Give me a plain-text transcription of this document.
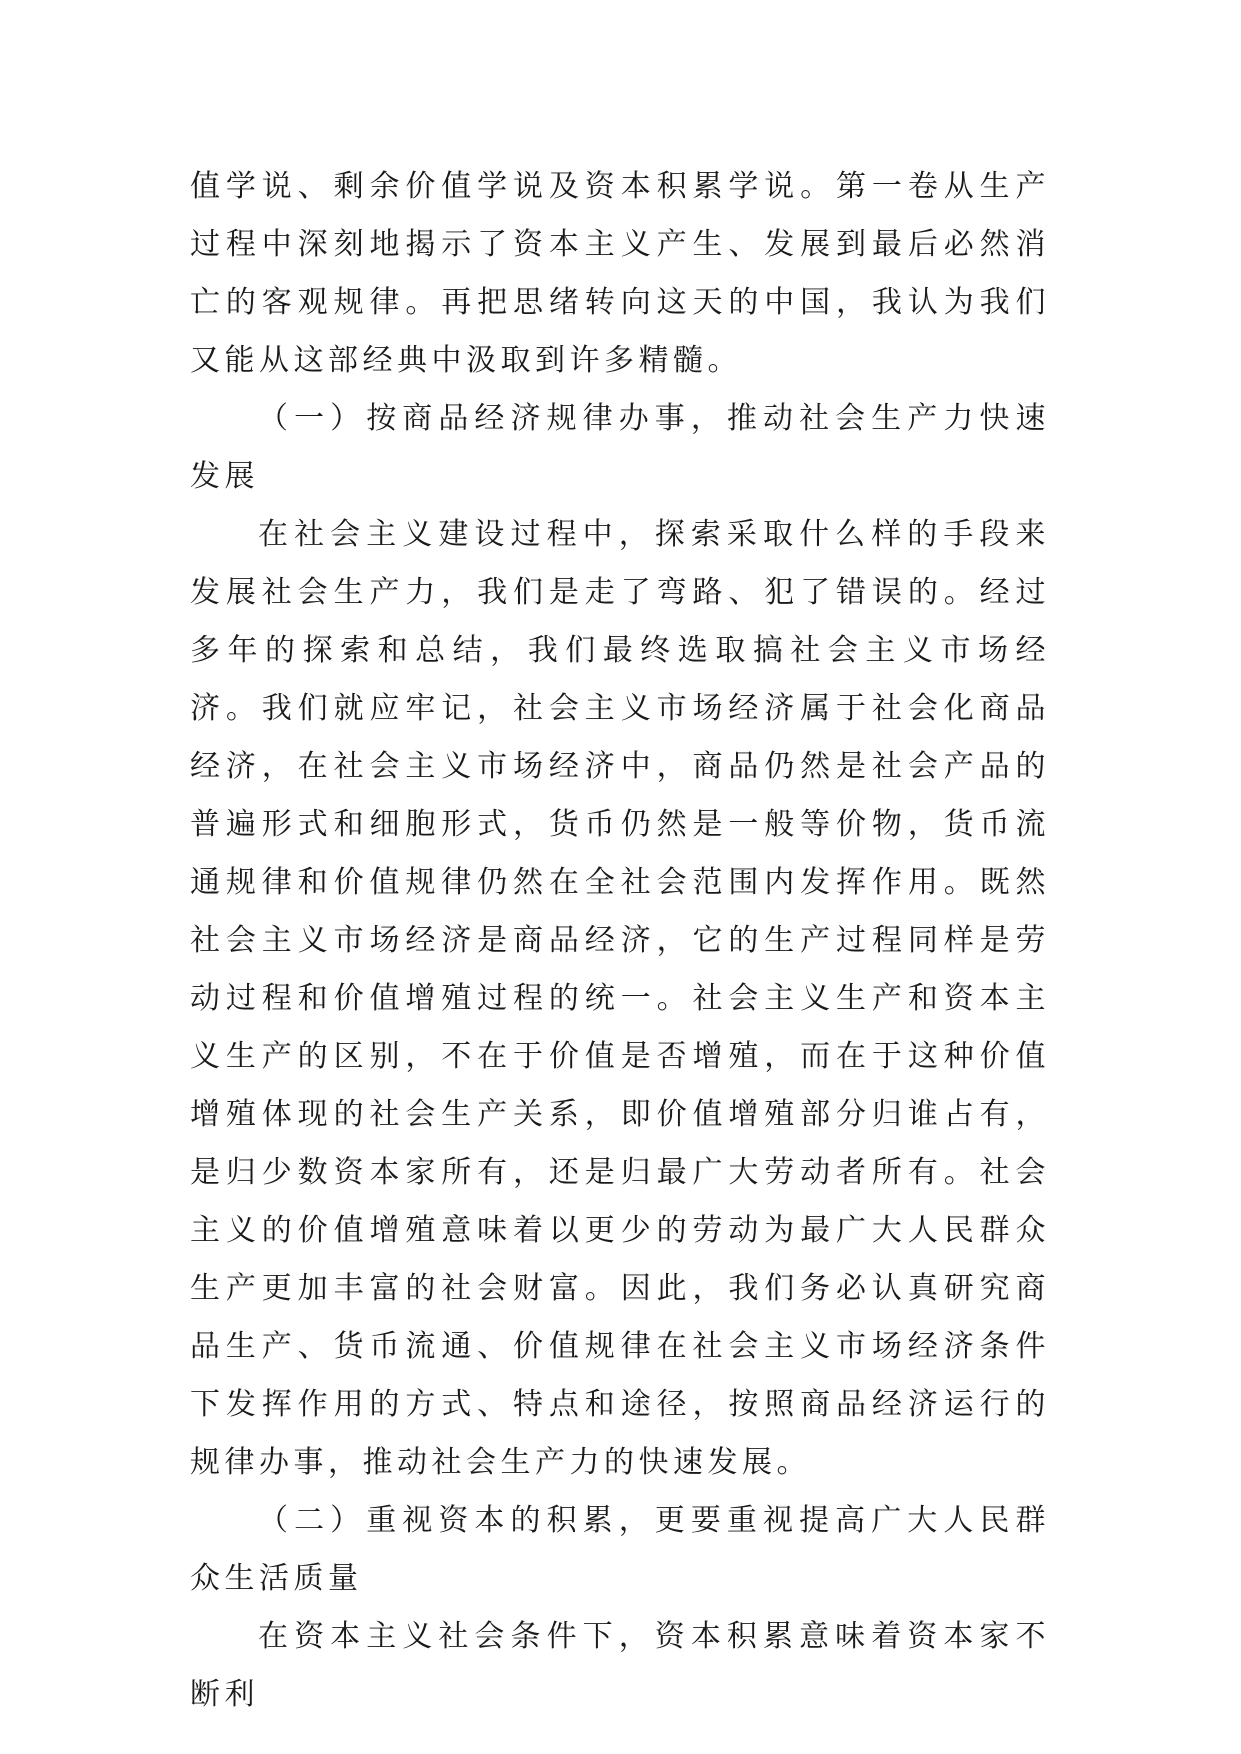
值学说、剩余价值学说及资本积累学说。第一卷从生产过程中深刻地揭示了资本主义产生、发展到最后必然消亡的客观规律。再把思绪转向这天的中国，我认为我们又能从这部经典中汲取到许多精髓。

（一）按商品经济规律办事，推动社会生产力快速发展

在社会主义建设过程中，探索采取什么样的手段来发展社会生产力，我们是走了弯路、犯了错误的。经过多年的探索和总结，我们最终选取搞社会主义市场经济。我们就应牢记，社会主义市场经济属于社会化商品经济，在社会主义市场经济中，商品仍然是社会产品的普遍形式和细胞形式，货币仍然是一般等价物，货币流通规律和价值规律仍然在全社会范围内发挥作用。既然社会主义市场经济是商品经济，它的生产过程同样是劳动过程和价值增殖过程的统一。社会主义生产和资本主义生产的区别，不在于价值是否增殖，而在于这种价值增殖体现的社会生产关系，即价值增殖部分归谁占有，是归少数资本家所有，还是归最广大劳动者所有。社会主义的价值增殖意味着以更少的劳动为最广大人民群众生产更加丰富的社会财富。因此，我们务必认真研究商品生产、货币流通、价值规律在社会主义市场经济条件下发挥作用的方式、特点和途径，按照商品经济运行的规律办事，推动社会生产力的快速发展。

（二）重视资本的积累，更要重视提高广大人民群众生活质量

在资本主义社会条件下，资本积累意味着资本家不断利
